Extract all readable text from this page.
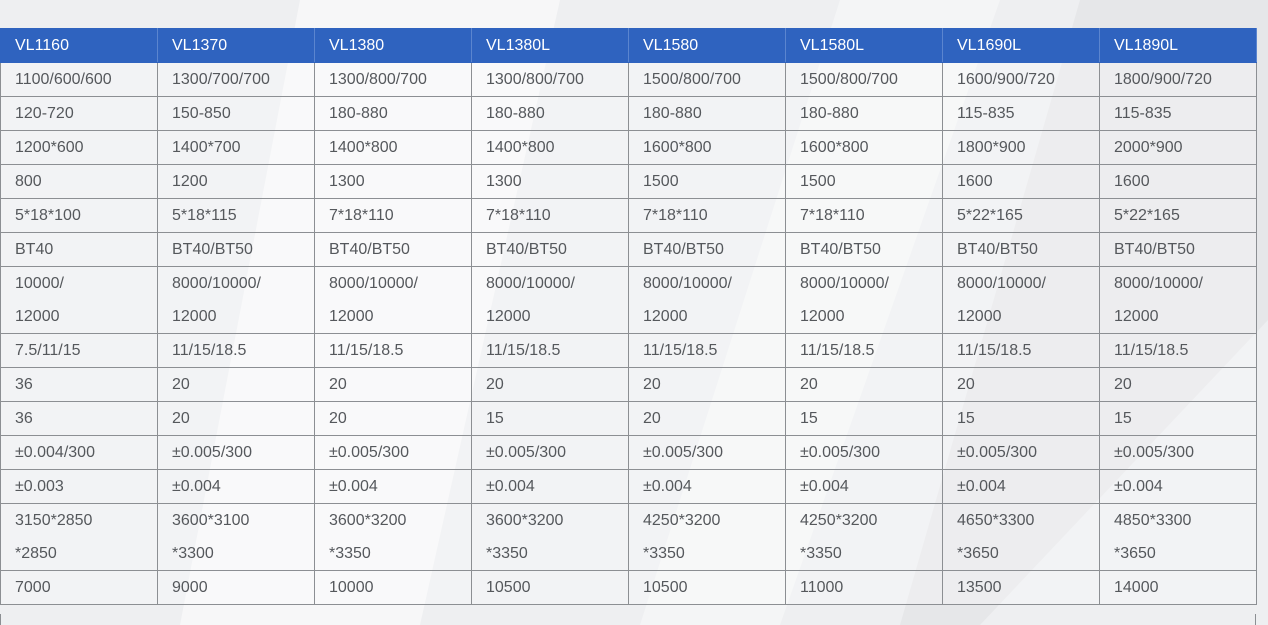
VL1160	VL1370	VL1380	VL1380L	VL1580	VL1580L	VL1690L	VL1890L
1100/600/600	1300/700/700	1300/800/700	1300/800/700	1500/800/700	1500/800/700	1600/900/720	1800/900/720
120-720	150-850	180-880	180-880	180-880	180-880	115-835	115-835
1200*600	1400*700	1400*800	1400*800	1600*800	1600*800	1800*900	2000*900
800	1200	1300	1300	1500	1500	1600	1600
5*18*100	5*18*115	7*18*110	7*18*110	7*18*110	7*18*110	5*22*165	5*22*165
BT40	BT40/BT50	BT40/BT50	BT40/BT50	BT40/BT50	BT40/BT50	BT40/BT50	BT40/BT50
10000/	8000/10000/	8000/10000/	8000/10000/	8000/10000/	8000/10000/	8000/10000/	8000/10000/
12000	12000	12000	12000	12000	12000	12000	12000
7.5/11/15	11/15/18.5	11/15/18.5	11/15/18.5	11/15/18.5	11/15/18.5	11/15/18.5	11/15/18.5
36	20	20	20	20	20	20	20
36	20	20	15	20	15	15	15
±0.004/300	±0.005/300	±0.005/300	±0.005/300	±0.005/300	±0.005/300	±0.005/300	±0.005/300
±0.003	±0.004	±0.004	±0.004	±0.004	±0.004	±0.004	±0.004
3150*2850	3600*3100	3600*3200	3600*3200	4250*3200	4250*3200	4650*3300	4850*3300
*2850	*3300	*3350	*3350	*3350	*3350	*3650	*3650
7000	9000	10000	10500	10500	11000	13500	14000
